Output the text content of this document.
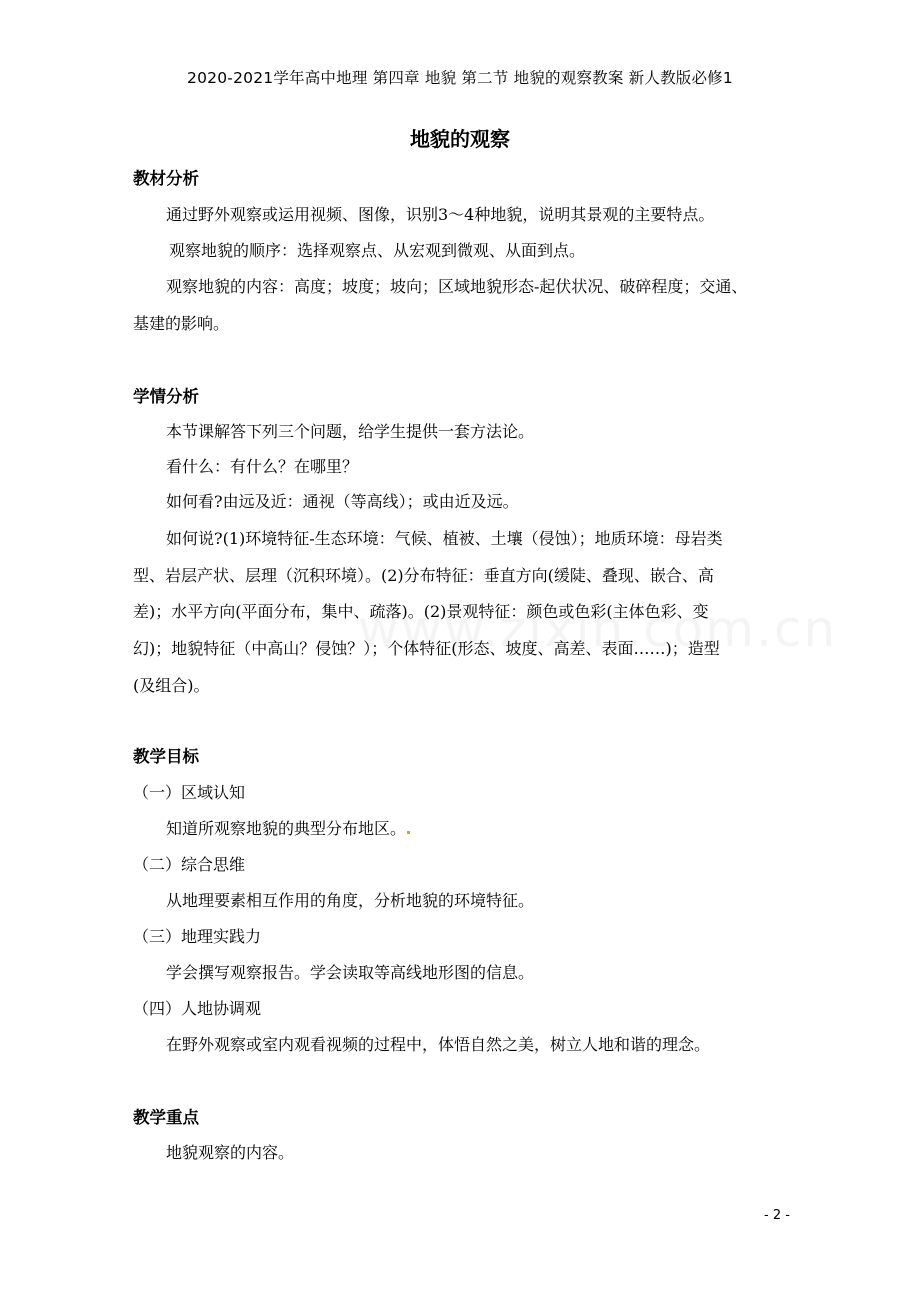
2020-2021学年高中地理 第四章 地貌 第二节 地貌的观察教案 新人教版必修1
地貌的观察
教材分析
通过野外观察或运用视频、图像，识别3～4种地貌，说明其景观的主要特点。
观察地貌的顺序：选择观察点、从宏观到微观、从面到点。
观察地貌的内容：高度；坡度；坡向；区域地貌形态-起伏状况、破碎程度；交通、
基建的影响。
学情分析
本节课解答下列三个问题，给学生提供一套方法论。
看什么：有什么？在哪里？
如何看?由远及近：通视（等高线）；或由近及远。
如何说?(1)环境特征-生态环境：气候、植被、土壤（侵蚀）；地质环境：母岩类
型、岩层产状、层理（沉积环境）。(2)分布特征：垂直方向(缓陡、叠现、嵌合、高
差)；水平方向(平面分布，集中、疏落)。(2)景观特征：颜色或色彩(主体色彩、变
幻)；地貌特征（中高山？侵蚀？）；个体特征(形态、坡度、高差、表面……)；造型
(及组合)。
教学目标
（一）区域认知
知道所观察地貌的典型分布地区。
（二）综合思维
从地理要素相互作用的角度，分析地貌的环境特征。
（三）地理实践力
学会撰写观察报告。学会读取等高线地形图的信息。
（四）人地协调观
在野外观察或室内观看视频的过程中，体悟自然之美，树立人地和谐的理念。
教学重点
地貌观察的内容。
- 2 -
